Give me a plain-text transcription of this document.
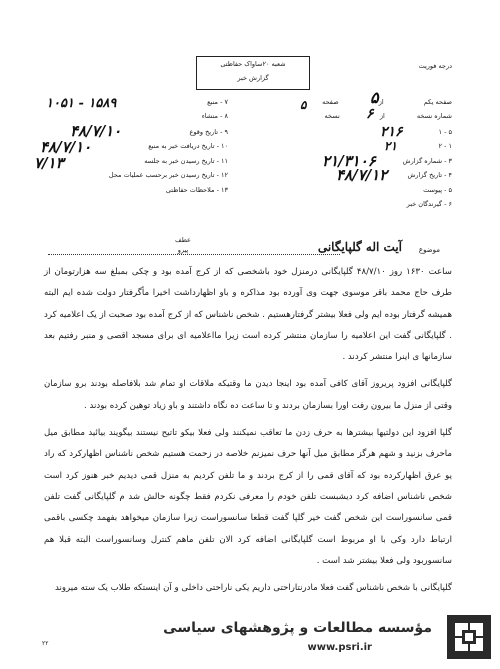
شعبه ۲۰ساواک حفاظتی
گزارش خبر
درجه فوریت
صفحه یکم از صفحه
شماره نسخه از نسخه
۱ - ۵
۲ - ۱
۳ - شماره گزارش
۴ - تاریخ گزارش
۵ - پیوست
۶ - گیرندگان خبر
۷ - منبع
۸ - منشاء
۹ - تاریخ وقوع
۱۰ - تاریخ دریافت خبر به منبع
۱۱ - تاریخ رسیدن خبر به جلسه
۱۲ - تاریخ رسیدن خبر برحسب عملیات محل
۱۳ - ملاحظات حفاظتی
۱۰۵۱ - ۱۵۸۹
۴۸/۷/۱۰
۴۸/۷/۱۰
۷/۱۳
۵
۶
۵
۲۱۶
۲۱
۲۱/۳۱۰۶
۴۸/۷/۱۲
عطف
پیرو	موضوع
آیت اله گلپایگانی

ساعت ۱۶۳۰ روز ۴۸/۷/۱۰ گلپایگانی درمنزل خود باشخصی که از کرج آمده بود و چکی بمبلغ سه هزارتومان از طرف حاج محمد باقر موسوی جهت وی آورده بود مذاکره و باو اظهارداشت اخیرا مأگرفتار دولت شده ایم البته همیشه گرفتار بوده ایم ولی فعلا بیشتر گرفتارهستیم . شخص ناشناس که از کرج آمده بود صحبت از یک اعلامیه کرد . گلپایگانی گفت این اعلامیه را سازمان منتشر کرده است زیرا مااعلامیه ای برای مسجد اقصی و منبر رفتیم بعد سازمانها ی اینرا منتشر کردند .

گلپایگانی افزود پریروز آقای کافی آمده بود اینجا دیدن ما وقتیکه ملاقات او تمام شد بلافاصله بودند برو سازمان وقتی از منزل ما بیرون رفت اورا بسازمان بردند و تا ساعت ده نگاه داشتند و باو زیاد توهین کرده بودند .

گلپا افزود این دولتیها بیشترها به حرف زدن ما تعاقب نمیکنند ولی فعلا بیکو تاتیح نیستند بیگویند بیائید مطابق میل ماحرف بزنید و شهم هرگز مطابق میل آنها حرف نمیزنم خلاصه در زحمت هستیم شخص ناشناس اظهارکرد که راد یو عرق اظهارکرده بود که آقای قمی را از کرج بردند و ما تلفن کردیم به منزل قمی دیدیم خبر هنوز کرد است شخص ناشناس اضافه کرد دیشبست تلفن خودم را معرفی نکردم فقط چگونه حالش شد م گلپایگانی گفت تلفن قمی سانسوراست این شخص گفت خیر گلپا گفت قطعا سانسوراست زیرا سازمان میخواهد بفهمد چکسی باقمی ارتباط دارد وکی با او مربوط است گلپایگانی اضافه کرد الان تلفن ماهم کنترل وسانسوراست البته قبلا هم سانسوربود ولی فعلا بیشتر شد است .

گلپایگانی با شخص ناشناس گفت فعلا مادرنتاراحتی داریم یکی ناراحتی داخلی و آن اینستکه طلاب یک سته میروند

۲۲
مؤسسه مطالعات و پژوهشهای سیاسی
www.psri.ir
